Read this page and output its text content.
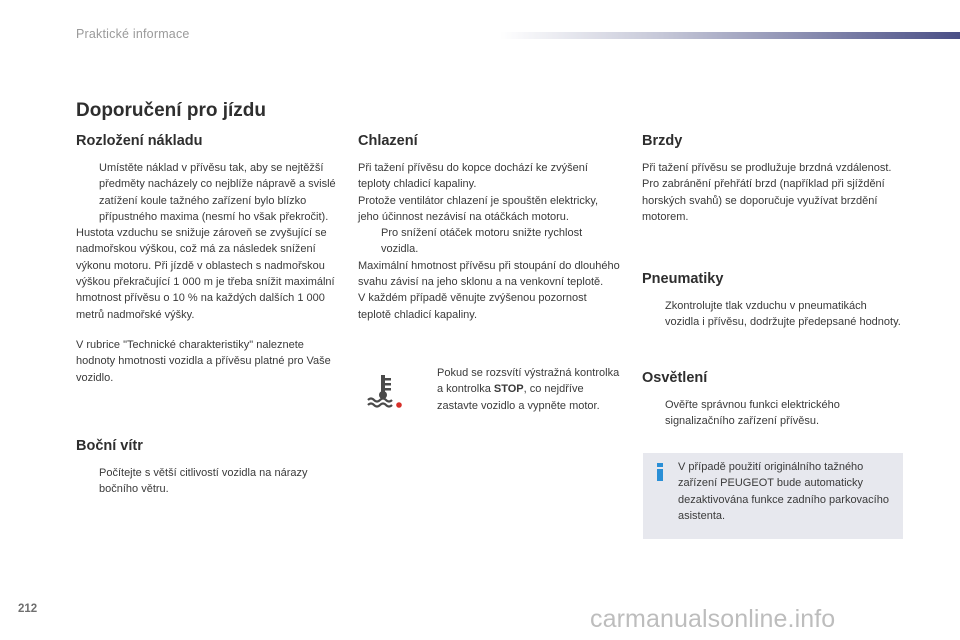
Praktické informace
Doporučení pro jízdu
Rozložení nákladu

Umístěte náklad v přívěsu tak, aby se nejtěžší předměty nacházely co nejblíže nápravě a svislé zatížení koule tažného zařízení bylo blízko přípustného maxima (nesmí ho však překročit).

Hustota vzduchu se snižuje zároveň se zvyšující se nadmořskou výškou, což má za následek snížení výkonu motoru. Při jízdě v oblastech s nadmořskou výškou překračující 1 000 m je třeba snížit maximální hmotnost přívěsu o 10 % na každých dalších 1 000 metrů nadmořské výšky.

V rubrice "Technické charakteristiky" naleznete hodnoty hmotnosti vozidla a přívěsu platné pro Vaše vozidlo.

Boční vítr

Počítejte s větší citlivostí vozidla na nárazy bočního větru.

Chlazení

Při tažení přívěsu do kopce dochází ke zvýšení teploty chladicí kapaliny.

Protože ventilátor chlazení je spouštěn elektricky, jeho účinnost nezávisí na otáčkách motoru.

Pro snížení otáček motoru snižte rychlost vozidla.

Maximální hmotnost přívěsu při stoupání do dlouhého svahu závisí na jeho sklonu a na venkovní teplotě.

V každém případě věnujte zvýšenou pozornost teplotě chladicí kapaliny.

Pokud se rozsvítí výstražná kontrolka a kontrolka STOP, co nejdříve zastavte vozidlo a vypněte motor.

Brzdy

Při tažení přívěsu se prodlužuje brzdná vzdálenost.

Pro zabránění přehřátí brzd (například při sjíždění horských svahů) se doporučuje využívat brzdění motorem.

Pneumatiky

Zkontrolujte tlak vzduchu v pneumatikách vozidla i přívěsu, dodržujte předepsané hodnoty.

Osvětlení

Ověřte správnou funkci elektrického signalizačního zařízení přívěsu.

V případě použití originálního tažného zařízení PEUGEOT bude automaticky dezaktivována funkce zadního parkovacího asistenta.

212	carmanualsonline.info
